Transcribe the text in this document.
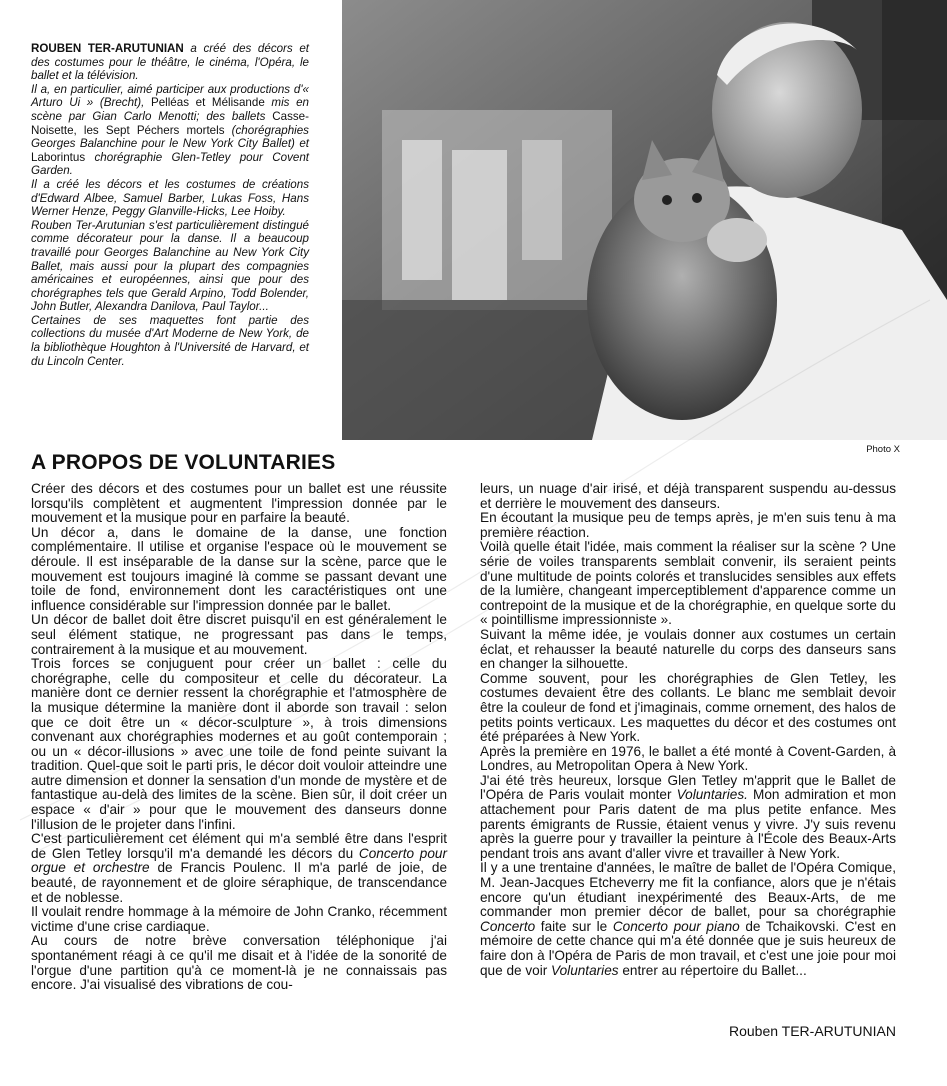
ROUBEN TER-ARUTUNIAN a créé des décors et des costumes pour le théâtre, le cinéma, l'Opéra, le ballet et la télévision.

Il a, en particulier, aimé participer aux productions d'« Arturo Ui » (Brecht), Pelléas et Mélisande mis en scène par Gian Carlo Menotti; des ballets Casse-Noisette, les Sept Péchers mortels (chorégraphies Georges Balanchine pour le New York City Ballet) et Laborintus chorégraphie Glen-Tetley pour Covent Garden.

Il a créé les décors et les costumes de créations d'Edward Albee, Samuel Barber, Lukas Foss, Hans Werner Henze, Peggy Glanville-Hicks, Lee Hoiby.

Rouben Ter-Arutunian s'est particulièrement distingué comme décorateur pour la danse. Il a beaucoup travaillé pour Georges Balanchine au New York City Ballet, mais aussi pour la plupart des compagnies américaines et européennes, ainsi que pour des chorégraphes tels que Gerald Arpino, Todd Bolender, John Butler, Alexandra Danilova, Paul Taylor...

Certaines de ses maquettes font partie des collections du musée d'Art Moderne de New York, de la bibliothèque Houghton à l'Université de Harvard, et du Lincoln Center.

Photo X
A PROPOS DE VOLUNTARIES

Créer des décors et des costumes pour un ballet est une réussite lorsqu'ils complètent et augmentent l'impression donnée par le mouvement et la musique pour en parfaire la beauté.

Un décor a, dans le domaine de la danse, une fonction complémentaire. Il utilise et organise l'espace où le mouvement se déroule. Il est inséparable de la danse sur la scène, parce que le mouvement est toujours imaginé là comme se passant devant une toile de fond, environnement dont les caractéristiques ont une influence considérable sur l'impression donnée par le ballet.

Un décor de ballet doit être discret puisqu'il en est généralement le seul élément statique, ne progressant pas dans le temps, contrairement à la musique et au mouvement.

Trois forces se conjuguent pour créer un ballet : celle du chorégraphe, celle du compositeur et celle du décorateur. La manière dont ce dernier ressent la chorégraphie et l'atmosphère de la musique détermine la manière dont il aborde son travail : selon que ce doit être un « décor-sculpture », à trois dimensions convenant aux chorégraphies modernes et au goût contemporain ; ou un « décor-illusions » avec une toile de fond peinte suivant la tradition. Quel-que soit le parti pris, le décor doit vouloir atteindre une autre dimension et donner la sensation d'un monde de mystère et de fantastique au-delà des limites de la scène. Bien sûr, il doit créer un espace « d'air » pour que le mouvement des danseurs donne l'illusion de le projeter dans l'infini.

C'est particulièrement cet élément qui m'a semblé être dans l'esprit de Glen Tetley lorsqu'il m'a demandé les décors du Concerto pour orgue et orchestre de Francis Poulenc. Il m'a parlé de joie, de beauté, de rayonnement et de gloire séraphique, de transcendance et de noblesse.

Il voulait rendre hommage à la mémoire de John Cranko, récemment victime d'une crise cardiaque.

Au cours de notre brève conversation téléphonique j'ai spontanément réagi à ce qu'il me disait et à l'idée de la sonorité de l'orgue d'une partition qu'à ce moment-là je ne connaissais pas encore. J'ai visualisé des vibrations de cou-

leurs, un nuage d'air irisé, et déjà transparent suspendu au-dessus et derrière le mouvement des danseurs.

En écoutant la musique peu de temps après, je m'en suis tenu à ma première réaction.

Voilà quelle était l'idée, mais comment la réaliser sur la scène ? Une série de voiles transparents semblait convenir, ils seraient peints d'une multitude de points colorés et translucides sensibles aux effets de la lumière, changeant imperceptiblement d'apparence comme un contrepoint de la musique et de la chorégraphie, en quelque sorte du « pointillisme impressionniste ».

Suivant la même idée, je voulais donner aux costumes un certain éclat, et rehausser la beauté naturelle du corps des danseurs sans en changer la silhouette.

Comme souvent, pour les chorégraphies de Glen Tetley, les costumes devaient être des collants. Le blanc me semblait devoir être la couleur de fond et j'imaginais, comme ornement, des halos de petits points verticaux. Les maquettes du décor et des costumes ont été préparées à New York.

Après la première en 1976, le ballet a été monté à Covent-Garden, à Londres, au Metropolitan Opera à New York.

J'ai été très heureux, lorsque Glen Tetley m'apprit que le Ballet de l'Opéra de Paris voulait monter Voluntaries. Mon admiration et mon attachement pour Paris datent de ma plus petite enfance. Mes parents émigrants de Russie, étaient venus y vivre. J'y suis revenu après la guerre pour y travailler la peinture à l'École des Beaux-Arts pendant trois ans avant d'aller vivre et travailler à New York.

Il y a une trentaine d'années, le maître de ballet de l'Opéra Comique, M. Jean-Jacques Etcheverry me fit la confiance, alors que je n'étais encore qu'un étudiant inexpérimenté des Beaux-Arts, de me commander mon premier décor de ballet, pour sa chorégraphie Concerto faite sur le Concerto pour piano de Tchaikovski. C'est en mémoire de cette chance qui m'a été donnée que je suis heureux de faire don à l'Opéra de Paris de mon travail, et c'est une joie pour moi que de voir Voluntaries entrer au répertoire du Ballet...

Rouben TER-ARUTUNIAN
